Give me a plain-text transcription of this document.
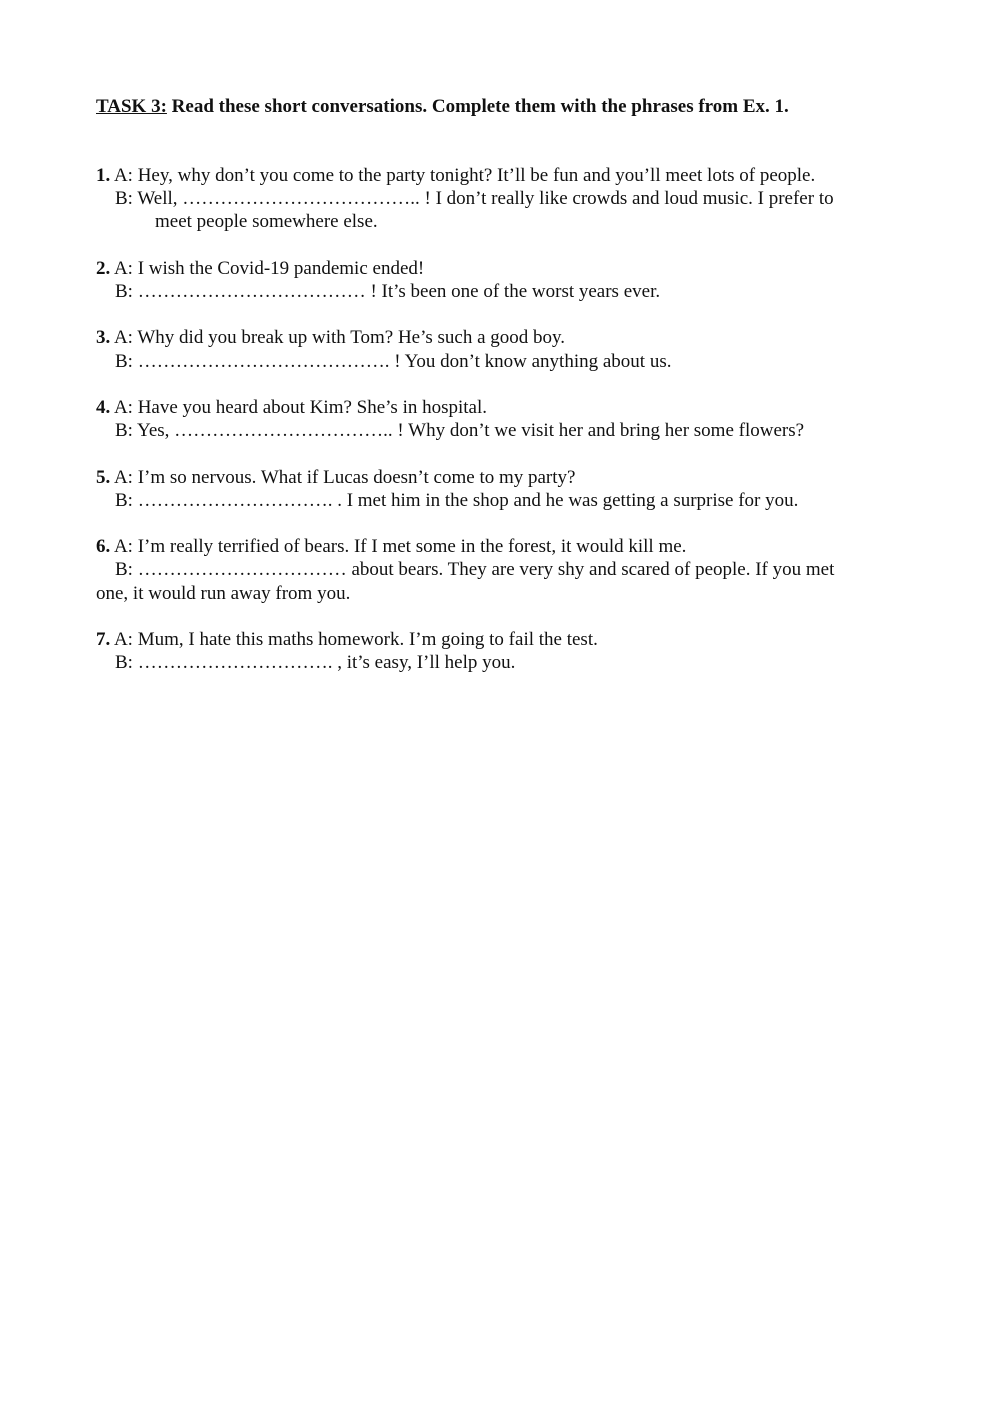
TASK 3: Read these short conversations. Complete them with the phrases from Ex. 1.
1. A: Hey, why don’t you come to the party tonight? It’ll be fun and you’ll meet lots of people.
B: Well, ……………………………….. ! I don’t really like crowds and loud music. I prefer to
meet people somewhere else.
2. A: I wish the Covid-19 pandemic ended!
B: ……………………………… ! It’s been one of the worst years ever.
3. A: Why did you break up with Tom? He’s such a good boy.
B: …………………………………. ! You don’t know anything about us.
4. A: Have you heard about Kim? She’s in hospital.
B: Yes, …………………………….. ! Why don’t we visit her and bring her some flowers?
5. A: I’m so nervous. What if Lucas doesn’t come to my party?
B: …………………………. . I met him in the shop and he was getting a surprise for you.
6. A: I’m really terrified of bears. If I met some in the forest, it would kill me.
B: …………………………… about bears. They are very shy and scared of people. If you met
one, it would run away from you.
7. A: Mum, I hate this maths homework. I’m going to fail the test.
B: …………………………. , it’s easy, I’ll help you.
